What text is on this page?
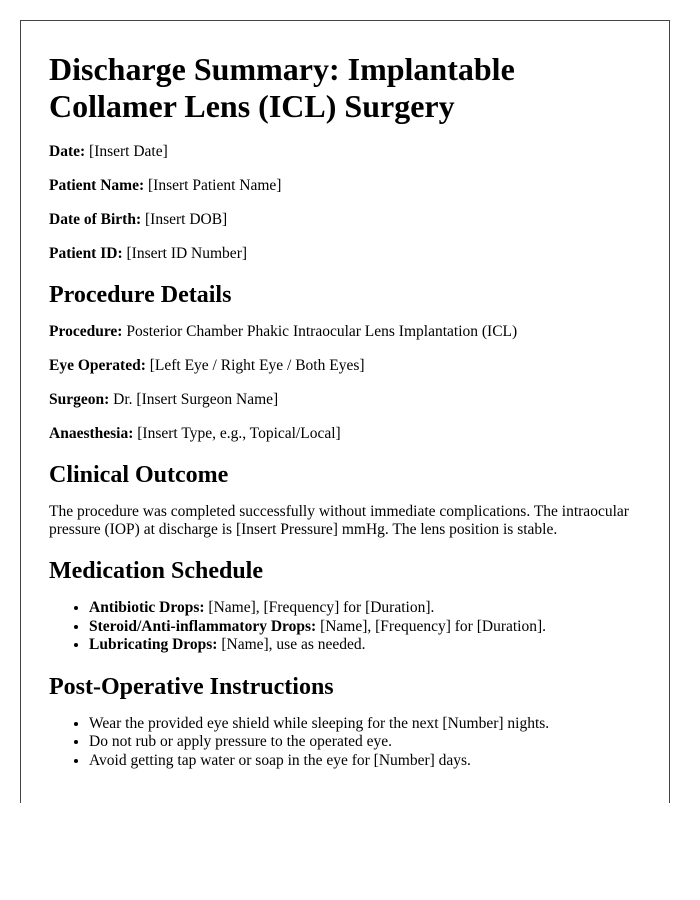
Discharge Summary: Implantable Collamer Lens (ICL) Surgery

Date: [Insert Date]

Patient Name: [Insert Patient Name]

Date of Birth: [Insert DOB]

Patient ID: [Insert ID Number]

Procedure Details

Procedure: Posterior Chamber Phakic Intraocular Lens Implantation (ICL)

Eye Operated: [Left Eye / Right Eye / Both Eyes]

Surgeon: Dr. [Insert Surgeon Name]

Anaesthesia: [Insert Type, e.g., Topical/Local]

Clinical Outcome

The procedure was completed successfully without immediate complications. The intraocular pressure (IOP) at discharge is [Insert Pressure] mmHg. The lens position is stable.

Medication Schedule
• Antibiotic Drops: [Name], [Frequency] for [Duration].
• Steroid/Anti-inflammatory Drops: [Name], [Frequency] for [Duration].
• Lubricating Drops: [Name], use as needed.
Post-Operative Instructions
• Wear the provided eye shield while sleeping for the next [Number] nights.
• Do not rub or apply pressure to the operated eye.
• Avoid getting tap water or soap in the eye for [Number] days.
